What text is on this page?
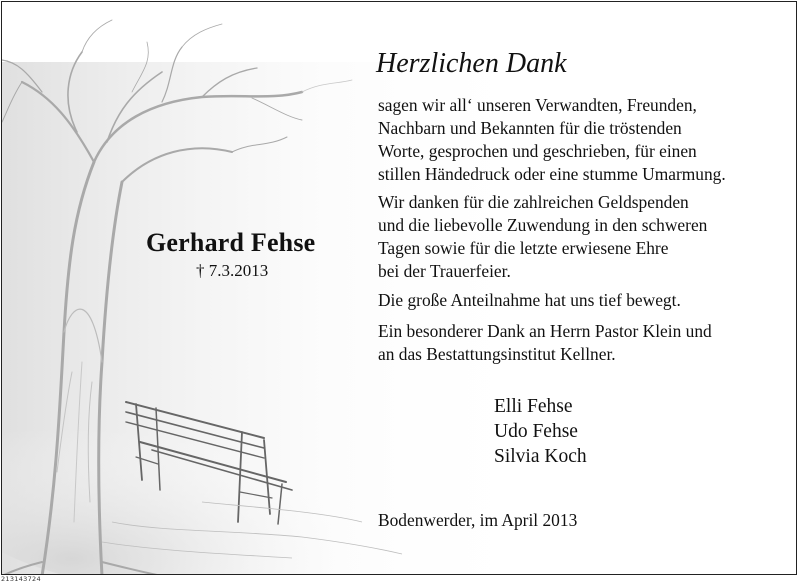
Gerhard Fehse
† 7.3.2013
Herzlichen Dank

sagen wir all‘ unseren Verwandten, Freunden,
Nachbarn und Bekannten für die tröstenden
Worte, gesprochen und geschrieben, für einen
stillen Händedruck oder eine stumme Umarmung.

Wir danken für die zahlreichen Geldspenden
und die liebevolle Zuwendung in den schweren
Tagen sowie für die letzte erwiesene Ehre
bei der Trauerfeier.

Die große Anteilnahme hat uns tief bewegt.

Ein besonderer Dank an Herrn Pastor Klein und
an das Bestattungsinstitut Kellner.

Elli Fehse
Udo Fehse
Silvia Koch
Bodenwerder, im April 2013
213143724
